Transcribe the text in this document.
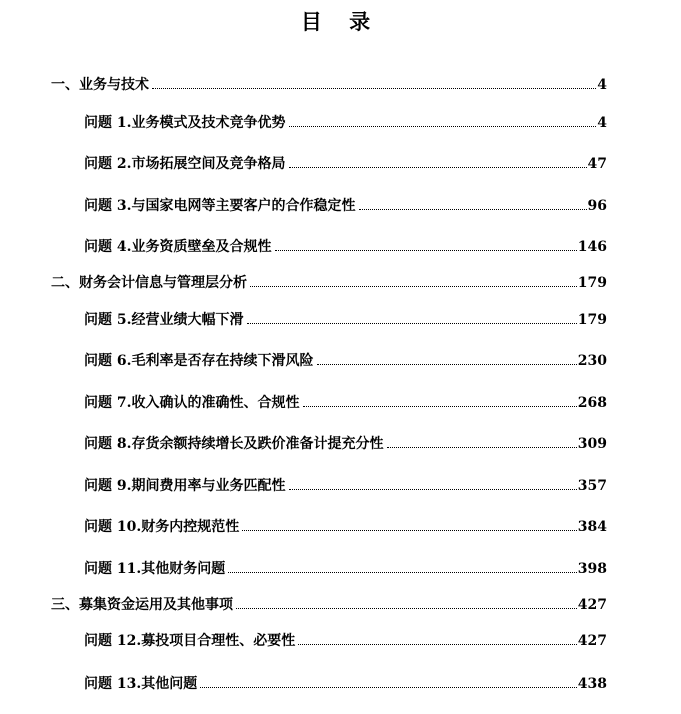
目 录
一、业务与技术	4
问题 1.业务模式及技术竞争优势	4
问题 2.市场拓展空间及竞争格局	47
问题 3.与国家电网等主要客户的合作稳定性	96
问题 4.业务资质壁垒及合规性	146
二、财务会计信息与管理层分析	179
问题 5.经营业绩大幅下滑	179
问题 6.毛利率是否存在持续下滑风险	230
问题 7.收入确认的准确性、合规性	268
问题 8.存货余额持续增长及跌价准备计提充分性	309
问题 9.期间费用率与业务匹配性	357
问题 10.财务内控规范性	384
问题 11.其他财务问题	398
三、募集资金运用及其他事项	427
问题 12.募投项目合理性、必要性	427
问题 13.其他问题	438
